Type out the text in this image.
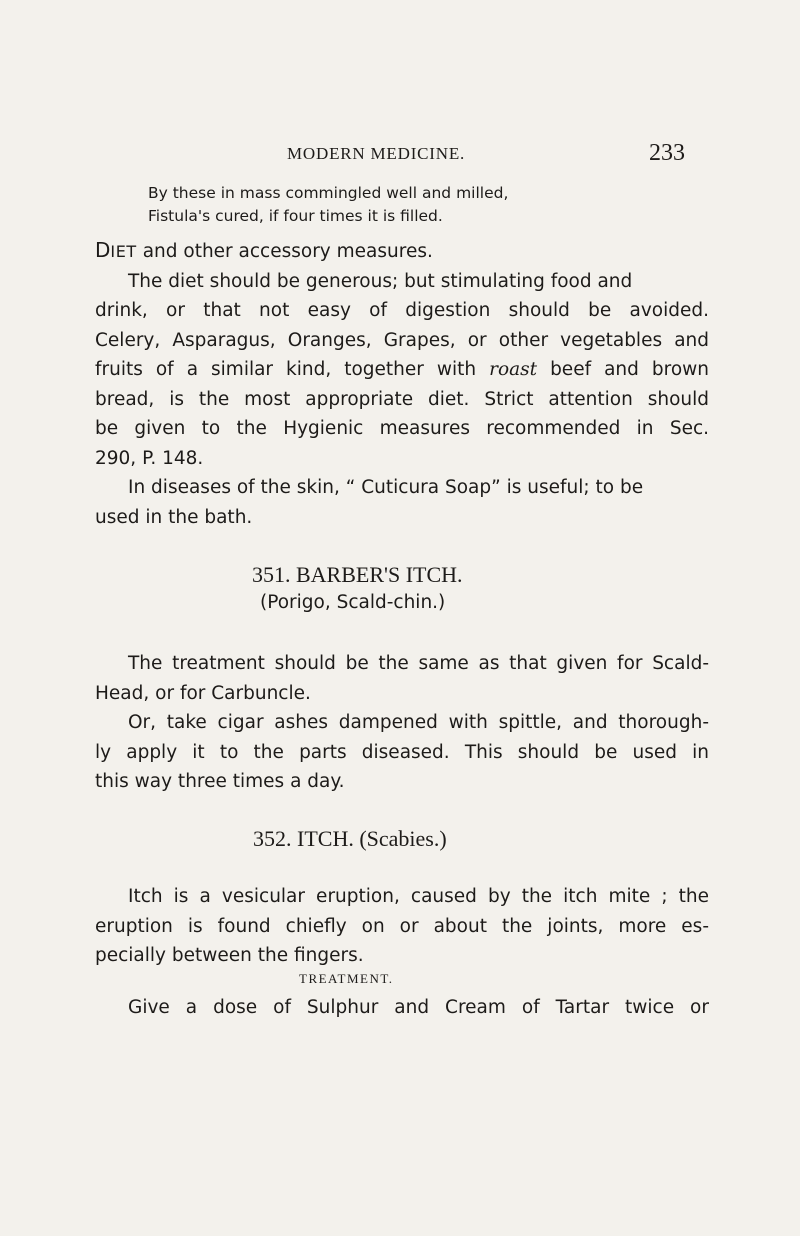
MODERN MEDICINE.	233
By these in mass commingled well and milled,
Fistula's cured, if four times it is filled.
DIET and other accessory measures.
The diet should be generous; but stimulating food and
drink, or that not easy of digestion should be avoided.
Celery, Asparagus, Oranges, Grapes, or other vegetables and
fruits of a similar kind, together with roast beef and brown
bread, is the most appropriate diet. Strict attention should
be given to the Hygienic measures recommended in Sec.
290, P. 148.
In diseases of the skin, “ Cuticura Soap” is useful; to be
used in the bath.
351. BARBER'S ITCH.
(Porigo, Scald-chin.)
The treatment should be the same as that given for Scald-
Head, or for Carbuncle.
Or, take cigar ashes dampened with spittle, and thorough-
ly apply it to the parts diseased. This should be used in
this way three times a day.
352. ITCH. (Scabies.)
Itch is a vesicular eruption, caused by the itch mite ; the
eruption is found chiefly on or about the joints, more es-
pecially between the fingers.
TREATMENT.
Give a dose of Sulphur and Cream of Tartar twice or
